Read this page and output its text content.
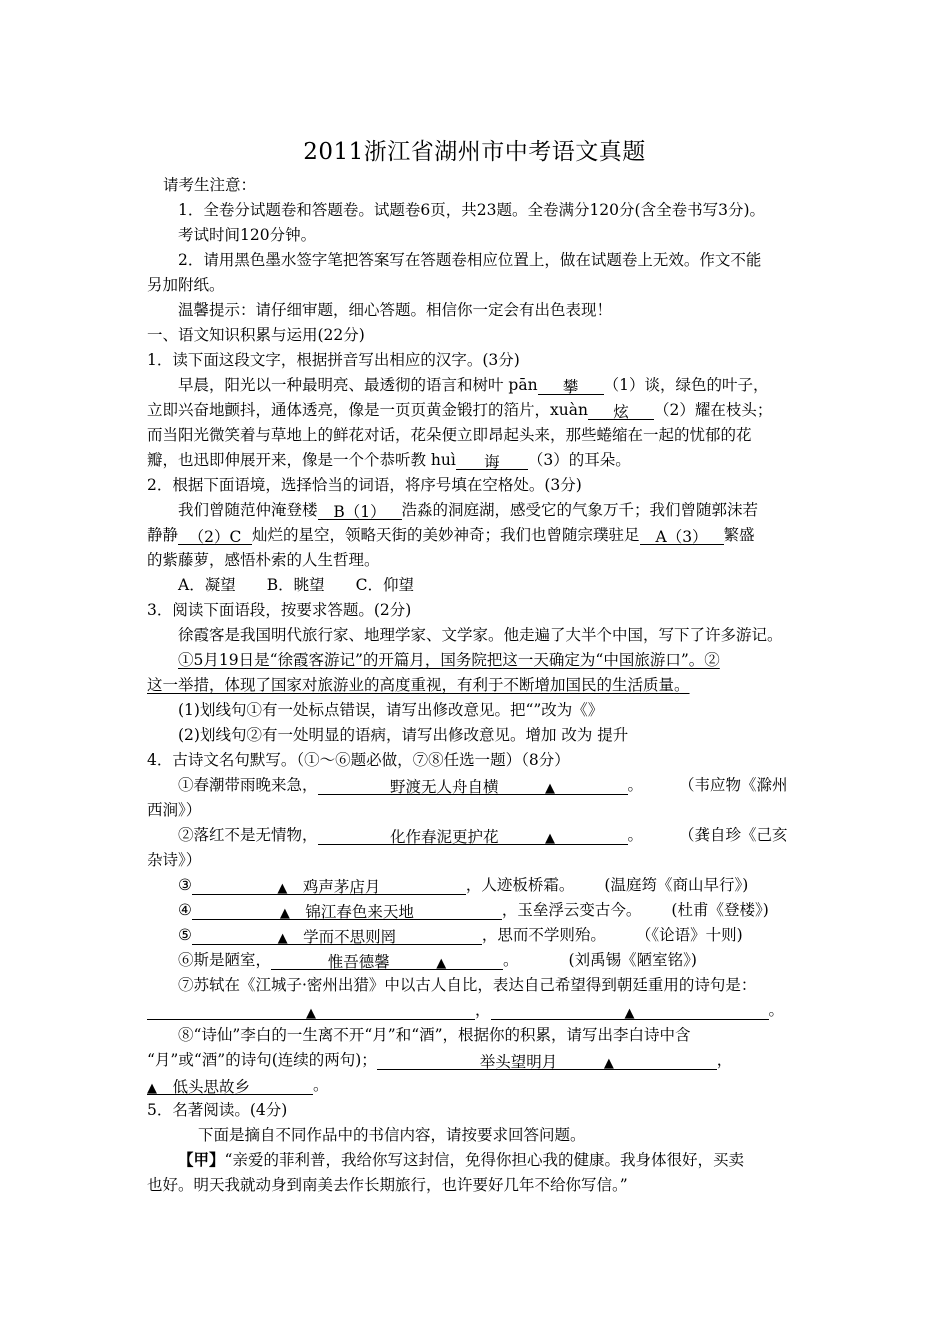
2011浙江省湖州市中考语文真题
请考生注意：
1．全卷分试题卷和答题卷。试题卷6页，共23题。全卷满分120分(含全卷书写3分)。
考试时间120分钟。
2．请用黑色墨水签字笔把答案写在答题卷相应位置上，做在试题卷上无效。作文不能
另加附纸。
温馨提示：请仔细审题，细心答题。相信你一定会有出色表现！
一、语文知识积累与运用(22分)
1．读下面这段文字，根据拼音写出相应的汉字。(3分)
早晨，阳光以一种最明亮、最透彻的语言和树叶 pān 攀 （1）谈，绿色的叶子，
立即兴奋地颤抖，通体透亮，像是一页页黄金锻打的箔片，xuàn 炫 （2）耀在枝头；
而当阳光微笑着与草地上的鲜花对话，花朵便立即昂起头来，那些蜷缩在一起的忧郁的花
瓣，也迅即伸展开来，像是一个个恭听教 huì 诲 （3）的耳朵。
2．根据下面语境，选择恰当的词语，将序号填在空格处。(3分)
我们曾随范仲淹登楼 B（1） 浩淼的洞庭湖，感受它的气象万千；我们曾随郭沫若
静静 （2）C 灿烂的星空，领略天街的美妙神奇；我们也曾随宗璞驻足 A（3） 繁盛
的紫藤萝，感悟朴索的人生哲理。
A．凝望　　B．眺望　　C．仰望
3．阅读下面语段，按要求答题。(2分)
徐霞客是我国明代旅行家、地理学家、文学家。他走遍了大半个中国，写下了许多游记。
①5月19日是“徐霞客游记”的开篇月，国务院把这一天确定为“中国旅游口”。②
这一举措，体现了国家对旅游业的高度重视，有利于不断增加国民的生活质量。
(1)划线句①有一处标点错误，请写出修改意见。把“”改为《》
(2)划线句②有一处明显的语病，请写出修改意见。增加 改为 提升
4．古诗文名句默写。（①～⑥题必做，⑦⑧任选一题）（8分）
①春潮带雨晚来急，	野渡无人舟自横　　　	▲	。 （韦应物《滁州
西涧》）
②落红不是无情物，	化作春泥更护花　　　	▲	。 （龚自珍《己亥
杂诗》）
③	▲　 鸡声茅店月	，人迹板桥霜。 (温庭筠《商山早行》)
④	▲　 锦江春色来天地	，玉垒浮云变古今。 (杜甫《登楼》)
⑤	▲　 学而不思则罔	，思而不学则殆。 （《论语》十则)
⑥斯是陋室，	惟吾德馨　　　	▲	。	(刘禹锡《陋室铭》)
⑦苏轼在《江城子·密州出猎》中以古人自比，表达自己希望得到朝廷重用的诗句是：
▲	，	▲	。
⑧“诗仙”李白的一生离不开“月”和“酒”，根据你的积累，请写出李白诗中含
“月”或“酒”的诗句(连续的两句)；	举头望明月　　　	▲	，
▲　 低头思故乡	。
5．名著阅读。(4分)
下面是摘自不同作品中的书信内容，请按要求回答问题。
【甲】“亲爱的菲利普，我给你写这封信，免得你担心我的健康。我身体很好，买卖
也好。明天我就动身到南美去作长期旅行，也许要好几年不给你写信。”
